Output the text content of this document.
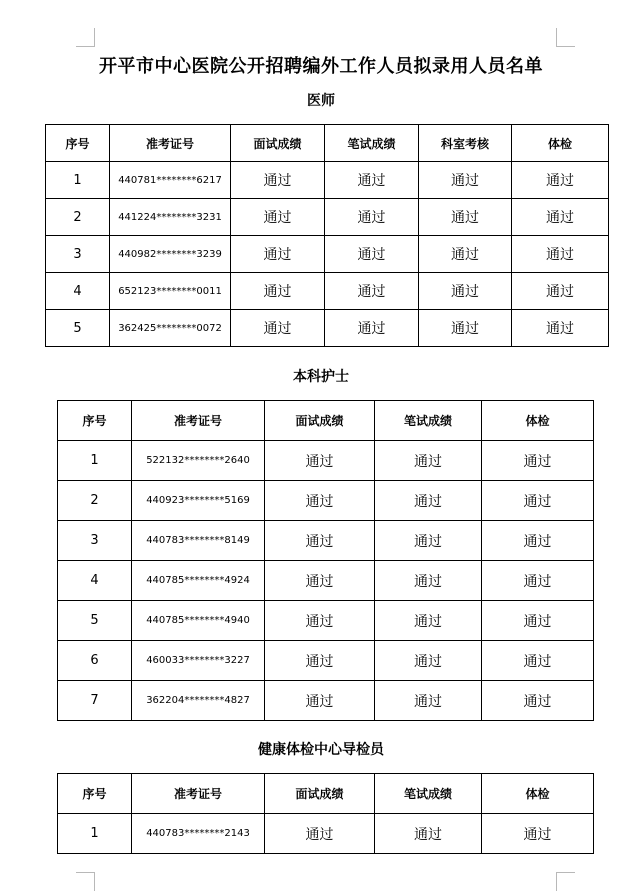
开平市中心医院公开招聘编外工作人员拟录用人员名单
医师
序号	准考证号	面试成绩	笔试成绩	科室考核	体检
1	440781********6217	通过	通过	通过	通过
2	441224********3231	通过	通过	通过	通过
3	440982********3239	通过	通过	通过	通过
4	652123********0011	通过	通过	通过	通过
5	362425********0072	通过	通过	通过	通过
本科护士
序号	准考证号	面试成绩	笔试成绩	体检
1	522132********2640	通过	通过	通过
2	440923********5169	通过	通过	通过
3	440783********8149	通过	通过	通过
4	440785********4924	通过	通过	通过
5	440785********4940	通过	通过	通过
6	460033********3227	通过	通过	通过
7	362204********4827	通过	通过	通过
健康体检中心导检员
序号	准考证号	面试成绩	笔试成绩	体检
1	440783********2143	通过	通过	通过
